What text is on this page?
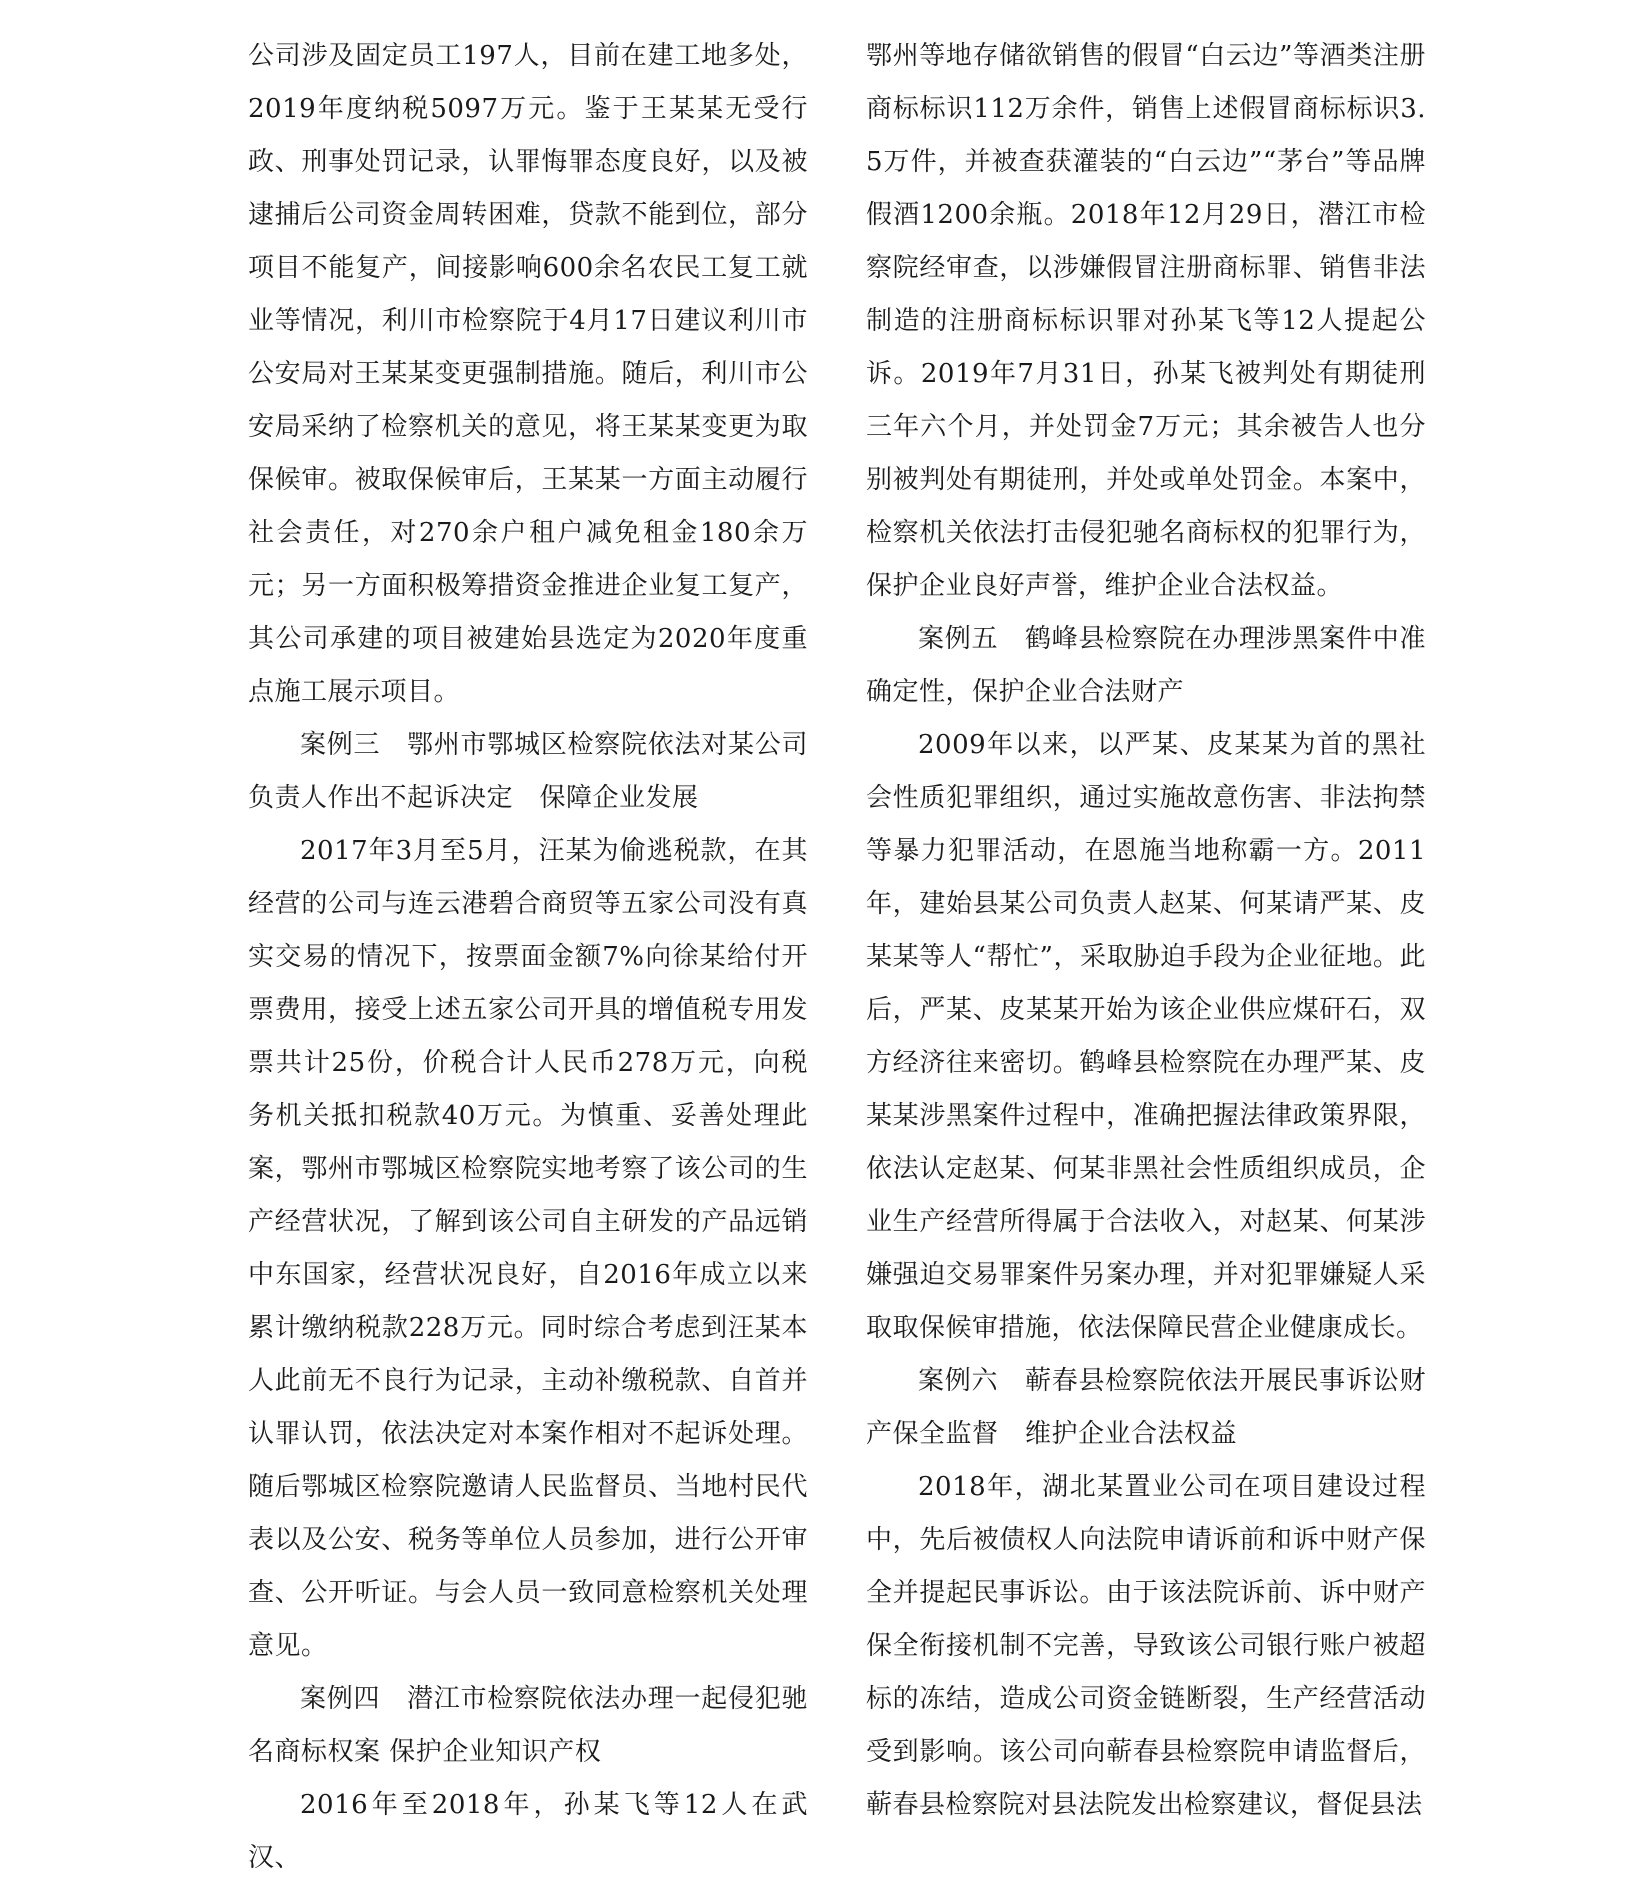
公司涉及固定员工197人，目前在建工地多处，2019年度纳税5097万元。鉴于王某某无受行政、刑事处罚记录，认罪悔罪态度良好，以及被逮捕后公司资金周转困难，贷款不能到位，部分项目不能复产，间接影响600余名农民工复工就业等情况，利川市检察院于4月17日建议利川市公安局对王某某变更强制措施。随后，利川市公安局采纳了检察机关的意见，将王某某变更为取保候审。被取保候审后，王某某一方面主动履行社会责任，对270余户租户减免租金180余万元；另一方面积极筹措资金推进企业复工复产，其公司承建的项目被建始县选定为2020年度重点施工展示项目。

案例三　鄂州市鄂城区检察院依法对某公司负责人作出不起诉决定　保障企业发展

2017年3月至5月，汪某为偷逃税款，在其经营的公司与连云港碧合商贸等五家公司没有真实交易的情况下，按票面金额7%向徐某给付开票费用，接受上述五家公司开具的增值税专用发票共计25份，价税合计人民币278万元，向税务机关抵扣税款40万元。为慎重、妥善处理此案，鄂州市鄂城区检察院实地考察了该公司的生产经营状况，了解到该公司自主研发的产品远销中东国家，经营状况良好，自2016年成立以来累计缴纳税款228万元。同时综合考虑到汪某本人此前无不良行为记录，主动补缴税款、自首并认罪认罚，依法决定对本案作相对不起诉处理。随后鄂城区检察院邀请人民监督员、当地村民代表以及公安、税务等单位人员参加，进行公开审查、公开听证。与会人员一致同意检察机关处理意见。

案例四　潜江市检察院依法办理一起侵犯驰名商标权案 保护企业知识产权

2016年至2018年，孙某飞等12人在武汉、

鄂州等地存储欲销售的假冒“白云边”等酒类注册商标标识112万余件，销售上述假冒商标标识3.5万件，并被查获灌装的“白云边”“茅台”等品牌假酒1200余瓶。2018年12月29日，潜江市检察院经审查，以涉嫌假冒注册商标罪、销售非法制造的注册商标标识罪对孙某飞等12人提起公诉。2019年7月31日，孙某飞被判处有期徒刑三年六个月，并处罚金7万元；其余被告人也分别被判处有期徒刑，并处或单处罚金。本案中，检察机关依法打击侵犯驰名商标权的犯罪行为，保护企业良好声誉，维护企业合法权益。

案例五　鹤峰县检察院在办理涉黑案件中准确定性，保护企业合法财产

2009年以来，以严某、皮某某为首的黑社会性质犯罪组织，通过实施故意伤害、非法拘禁等暴力犯罪活动，在恩施当地称霸一方。2011年，建始县某公司负责人赵某、何某请严某、皮某某等人“帮忙”，采取胁迫手段为企业征地。此后，严某、皮某某开始为该企业供应煤矸石，双方经济往来密切。鹤峰县检察院在办理严某、皮某某涉黑案件过程中，准确把握法律政策界限，依法认定赵某、何某非黑社会性质组织成员，企业生产经营所得属于合法收入，对赵某、何某涉嫌强迫交易罪案件另案办理，并对犯罪嫌疑人采取取保候审措施，依法保障民营企业健康成长。

案例六　蕲春县检察院依法开展民事诉讼财产保全监督　维护企业合法权益

2018年，湖北某置业公司在项目建设过程中，先后被债权人向法院申请诉前和诉中财产保全并提起民事诉讼。由于该法院诉前、诉中财产保全衔接机制不完善，导致该公司银行账户被超标的冻结，造成公司资金链断裂，生产经营活动受到影响。该公司向蕲春县检察院申请监督后，蕲春县检察院对县法院发出检察建议，督促县法
